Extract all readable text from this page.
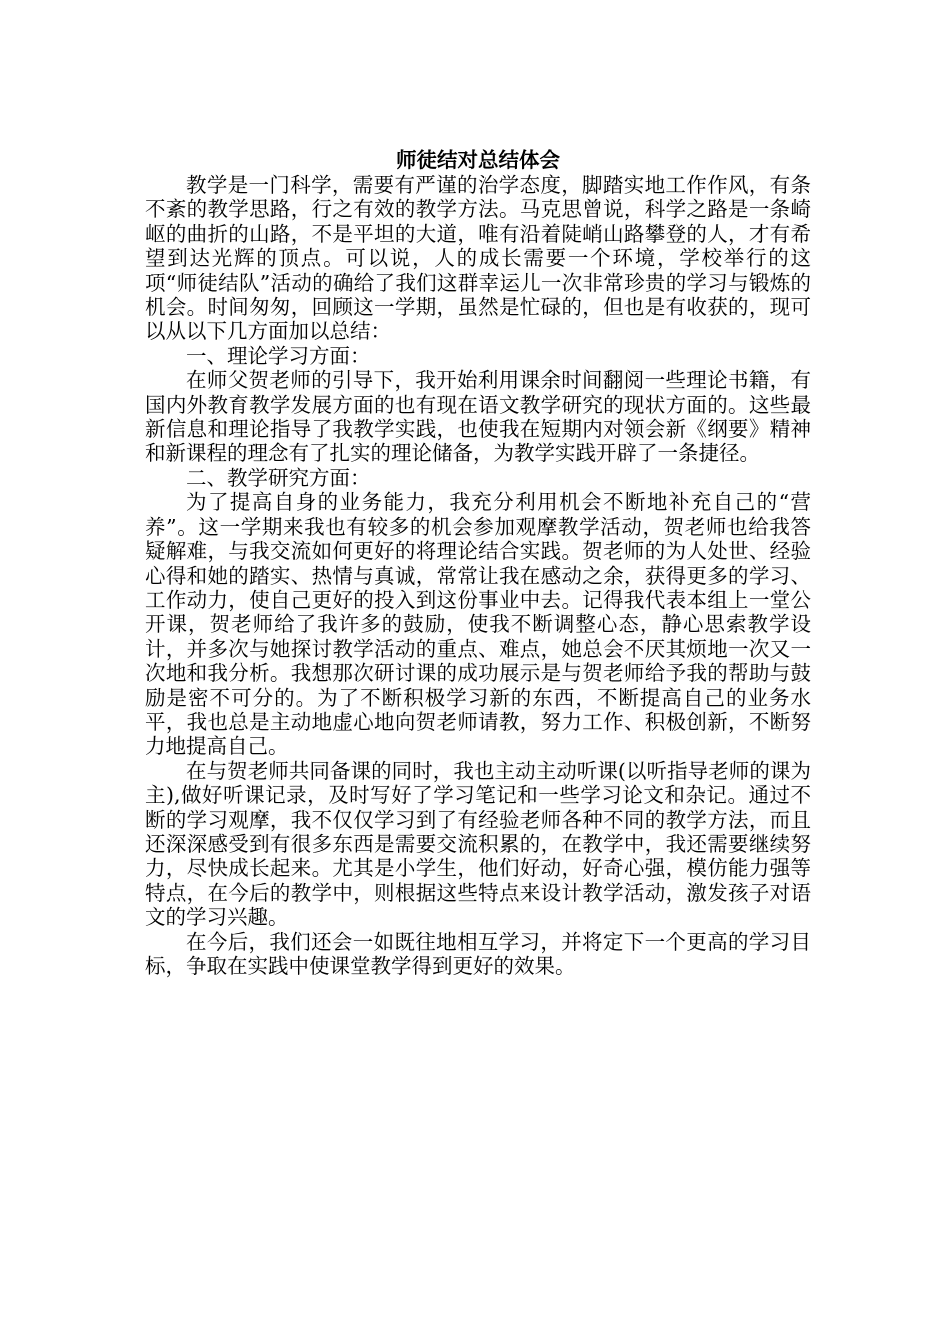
师徒结对总结体会

教学是一门科学，需要有严谨的治学态度，脚踏实地工作作风，有条不紊的教学思路，行之有效的教学方法。马克思曾说，科学之路是一条崎岖的曲折的山路，不是平坦的大道，唯有沿着陡峭山路攀登的人，才有希望到达光辉的顶点。可以说，人的成长需要一个环境，学校举行的这项“师徒结队”活动的确给了我们这群幸运儿一次非常珍贵的学习与锻炼的机会。时间匆匆，回顾这一学期，虽然是忙碌的，但也是有收获的，现可以从以下几方面加以总结：

一、理论学习方面：

在师父贺老师的引导下，我开始利用课余时间翻阅一些理论书籍，有国内外教育教学发展方面的也有现在语文教学研究的现状方面的。这些最新信息和理论指导了我教学实践，也使我在短期内对领会新《纲要》精神和新课程的理念有了扎实的理论储备，为教学实践开辟了一条捷径。

二、教学研究方面：

为了提高自身的业务能力，我充分利用机会不断地补充自己的“营养”。这一学期来我也有较多的机会参加观摩教学活动，贺老师也给我答疑解难，与我交流如何更好的将理论结合实践。贺老师的为人处世、经验心得和她的踏实、热情与真诚，常常让我在感动之余，获得更多的学习、工作动力，使自己更好的投入到这份事业中去。记得我代表本组上一堂公开课，贺老师给了我许多的鼓励，使我不断调整心态，静心思索教学设计，并多次与她探讨教学活动的重点、难点，她总会不厌其烦地一次又一次地和我分析。我想那次研讨课的成功展示是与贺老师给予我的帮助与鼓励是密不可分的。为了不断积极学习新的东西，不断提高自己的业务水平，我也总是主动地虚心地向贺老师请教，努力工作、积极创新，不断努力地提高自己。

在与贺老师共同备课的同时，我也主动主动听课(以听指导老师的课为主),做好听课记录，及时写好了学习笔记和一些学习论文和杂记。通过不断的学习观摩，我不仅仅学习到了有经验老师各种不同的教学方法，而且还深深感受到有很多东西是需要交流积累的，在教学中，我还需要继续努力，尽快成长起来。尤其是小学生，他们好动，好奇心强，模仿能力强等特点，在今后的教学中，则根据这些特点来设计教学活动，激发孩子对语文的学习兴趣。

在今后，我们还会一如既往地相互学习，并将定下一个更高的学习目标，争取在实践中使课堂教学得到更好的效果。
